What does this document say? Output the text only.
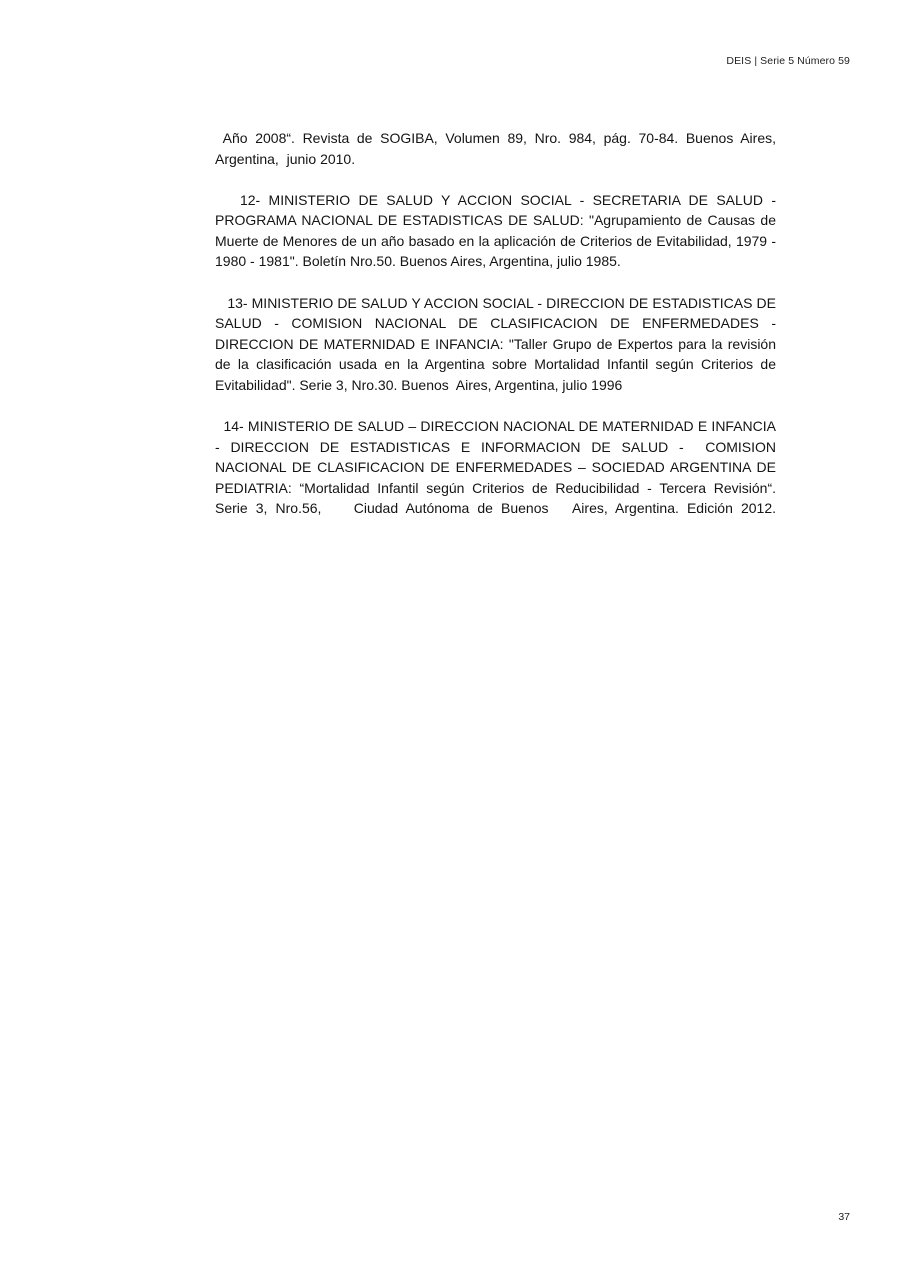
DEIS | Serie 5 Número 59

Año 2008“. Revista de SOGIBA, Volumen 89, Nro. 984, pág. 70-84. Buenos Aires, Argentina,  junio 2010.

12- MINISTERIO DE SALUD Y ACCION SOCIAL - SECRETARIA DE SALUD - PROGRAMA NACIONAL DE ESTADISTICAS DE SALUD: "Agrupamiento de Causas de Muerte de Menores de un año basado en la aplicación de Criterios de Evitabilidad, 1979 - 1980 - 1981". Boletín Nro.50. Buenos Aires, Argentina, julio 1985.

13- MINISTERIO DE SALUD Y ACCION SOCIAL - DIRECCION DE ESTADISTICAS DE SALUD - COMISION NACIONAL DE CLASIFICACION DE ENFERMEDADES - DIRECCION DE MATERNIDAD E INFANCIA: "Taller Grupo de Expertos para la revisión de la clasificación usada en la Argentina sobre Mortalidad Infantil según Criterios de Evitabilidad". Serie 3, Nro.30. Buenos  Aires, Argentina, julio 1996

14- MINISTERIO DE SALUD – DIRECCION NACIONAL DE MATERNIDAD E INFANCIA - DIRECCION DE ESTADISTICAS E INFORMACION DE SALUD -  COMISION NACIONAL DE CLASIFICACION DE ENFERMEDADES – SOCIEDAD ARGENTINA DE PEDIATRIA: “Mortalidad Infantil según Criterios de Reducibilidad - Tercera Revisión“. Serie 3, Nro.56,    Ciudad Autónoma de Buenos   Aires, Argentina. Edición 2012.

37
